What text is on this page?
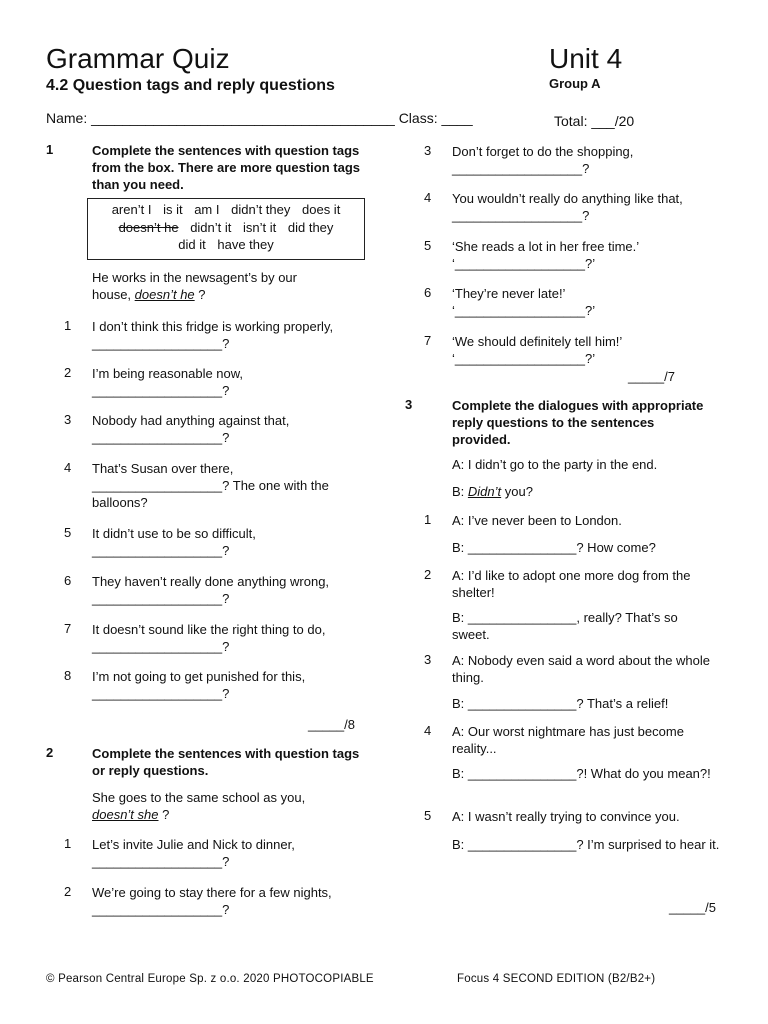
Grammar Quiz	Unit 4
4.2 Question tags and reply questions	Group A
Name: _______________________________________ Class: ____	Total: ___/20
1	Complete the sentences with question tags from the box. There are more question tags than you need.
aren’t I is it am I didn’t they does it
doesn’t he didn’t it isn’t it did they
did it have they
He works in the newsagent’s by our house, doesn’t he ?
1 I don’t think this fridge is working properly,
__________________?
2 I’m being reasonable now,
__________________?
3 Nobody had anything against that,
__________________?
4 That’s Susan over there,
__________________? The one with the balloons?
5 It didn’t use to be so difficult,
__________________?
6 They haven’t really done anything wrong,
__________________?
7 It doesn’t sound like the right thing to do,
__________________?
8 I’m not going to get punished for this,
__________________?
_____/8
2	Complete the sentences with question tags or reply questions.
She goes to the same school as you, doesn’t she ?
1 Let’s invite Julie and Nick to dinner,
__________________?
2 We’re going to stay there for a few nights,
__________________?
3 Don’t forget to do the shopping,
__________________?
4 You wouldn’t really do anything like that,
__________________?
5 ‘She reads a lot in her free time.’
‘__________________?’
6 ‘They’re never late!’
‘__________________?’
7 ‘We should definitely tell him!’
‘__________________?’
_____/7
3	Complete the dialogues with appropriate reply questions to the sentences provided.
A: I didn’t go to the party in the end.
B: Didn’t you?
1 A: I’ve never been to London.
B: _______________? How come?
2 A: I’d like to adopt one more dog from the shelter!
B: _______________, really? That’s so sweet.
3 A: Nobody even said a word about the whole thing.
B: _______________? That’s a relief!
4 A: Our worst nightmare has just become reality...
B: _______________?! What do you mean?!
5 A: I wasn’t really trying to convince you.
B: _______________? I’m surprised to hear it.
_____/5
© Pearson Central Europe Sp. z o.o. 2020 PHOTOCOPIABLE	Focus 4 SECOND EDITION (B2/B2+)
